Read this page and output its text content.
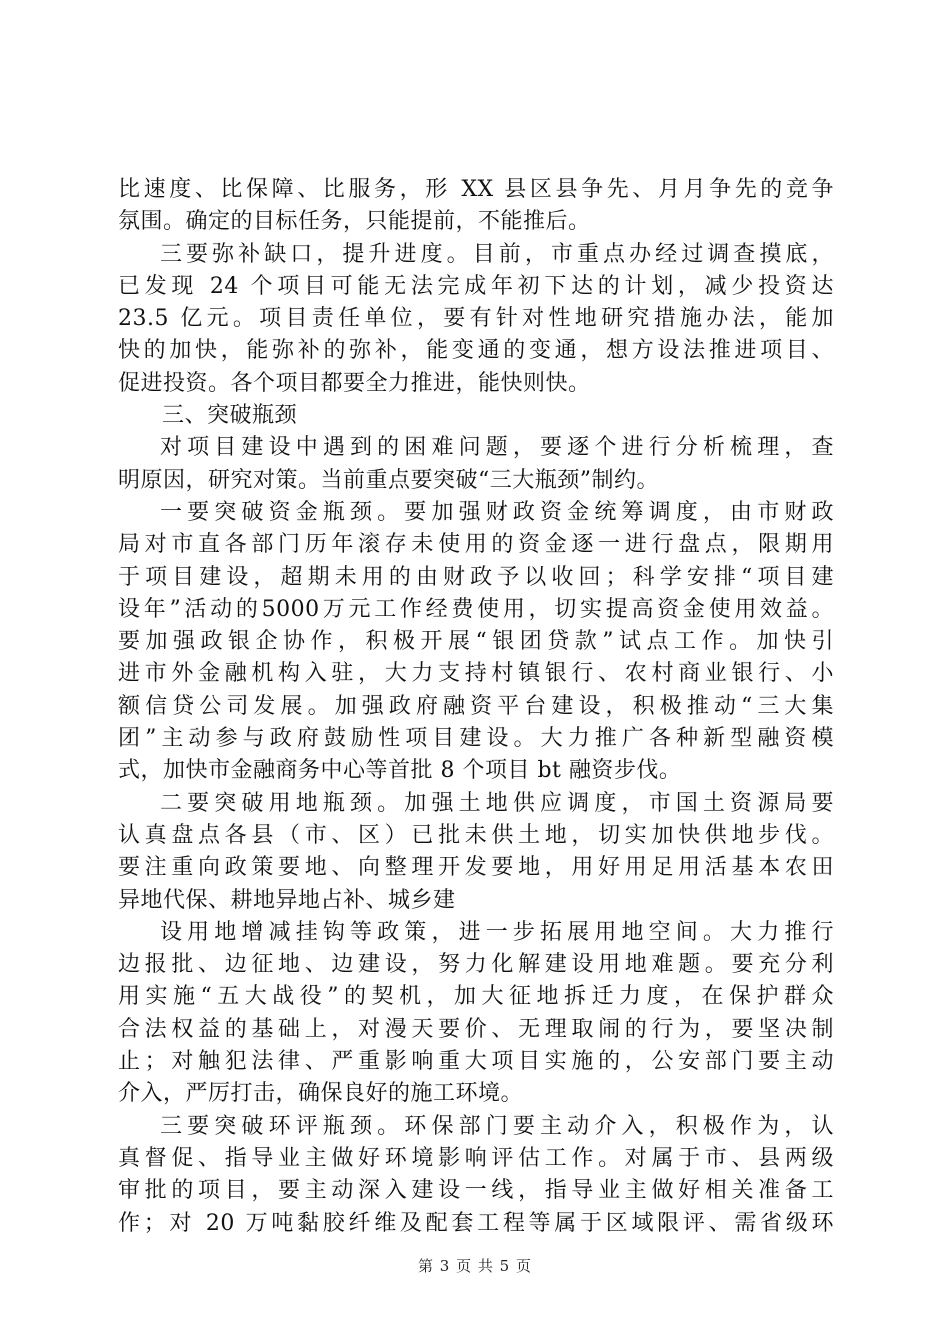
比速度、比保障、比服务，形 XX 县区县争先、月月争先的竞争
氛围。确定的目标任务，只能提前，不能推后。
三要弥补缺口，提升进度。目前，市重点办经过调查摸底，
已发现 24 个项目可能无法完成年初下达的计划，减少投资达
23.5 亿元。项目责任单位，要有针对性地研究措施办法，能加
快的加快，能弥补的弥补，能变通的变通，想方设法推进项目、
促进投资。各个项目都要全力推进，能快则快。
三、突破瓶颈
对项目建设中遇到的困难问题，要逐个进行分析梳理，查
明原因，研究对策。当前重点要突破“三大瓶颈”制约。
一要突破资金瓶颈。要加强财政资金统筹调度，由市财政
局对市直各部门历年滚存未使用的资金逐一进行盘点，限期用
于项目建设，超期未用的由财政予以收回；科学安排“项目建
设年”活动的5000万元工作经费使用，切实提高资金使用效益。
要加强政银企协作，积极开展“银团贷款”试点工作。加快引
进市外金融机构入驻，大力支持村镇银行、农村商业银行、小
额信贷公司发展。加强政府融资平台建设，积极推动“三大集
团”主动参与政府鼓励性项目建设。大力推广各种新型融资模
式，加快市金融商务中心等首批 8 个项目 bt 融资步伐。
二要突破用地瓶颈。加强土地供应调度，市国土资源局要
认真盘点各县（市、区）已批未供土地，切实加快供地步伐。
要注重向政策要地、向整理开发要地，用好用足用活基本农田
异地代保、耕地异地占补、城乡建
设用地增减挂钩等政策，进一步拓展用地空间。大力推行
边报批、边征地、边建设，努力化解建设用地难题。要充分利
用实施“五大战役”的契机，加大征地拆迁力度，在保护群众
合法权益的基础上，对漫天要价、无理取闹的行为，要坚决制
止；对触犯法律、严重影响重大项目实施的，公安部门要主动
介入，严厉打击，确保良好的施工环境。
三要突破环评瓶颈。环保部门要主动介入，积极作为，认
真督促、指导业主做好环境影响评估工作。对属于市、县两级
审批的项目，要主动深入建设一线，指导业主做好相关准备工
作；对 20 万吨黏胶纤维及配套工程等属于区域限评、需省级环
第 3 页 共 5 页
